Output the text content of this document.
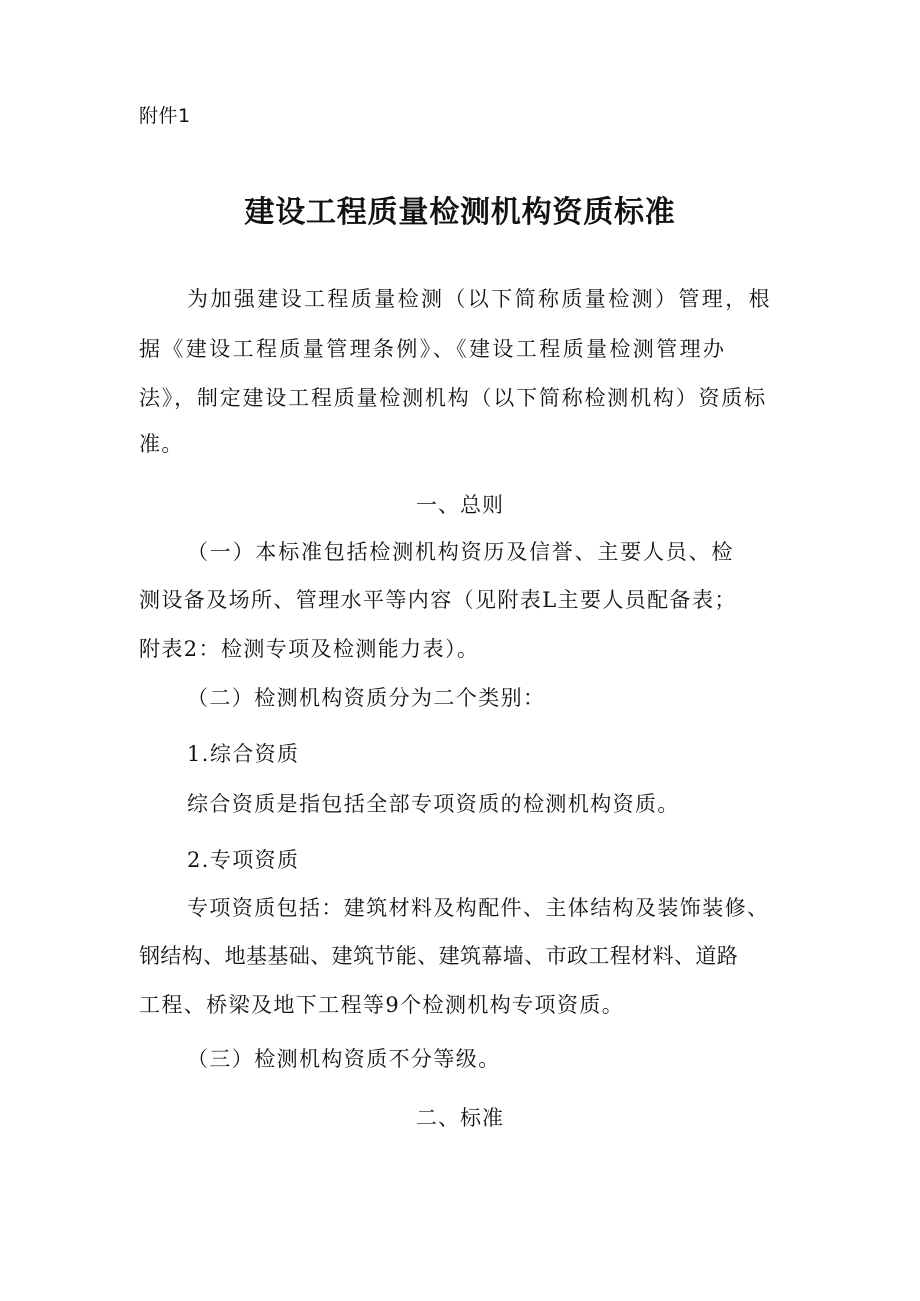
附件1
建设工程质量检测机构资质标准
为加强建设工程质量检测（以下简称质量检测）管理，根
据《建设工程质量管理条例》、《建设工程质量检测管理办
法》，制定建设工程质量检测机构（以下简称检测机构）资质标
准。
一、总则
（一）本标准包括检测机构资历及信誉、主要人员、检
测设备及场所、管理水平等内容（见附表L主要人员配备表；
附表2：检测专项及检测能力表）。
（二）检测机构资质分为二个类别：
1.综合资质
综合资质是指包括全部专项资质的检测机构资质。
2.专项资质
专项资质包括：建筑材料及构配件、主体结构及装饰装修、
钢结构、地基基础、建筑节能、建筑幕墙、市政工程材料、道路
工程、桥梁及地下工程等9个检测机构专项资质。
（三）检测机构资质不分等级。
二、标准
